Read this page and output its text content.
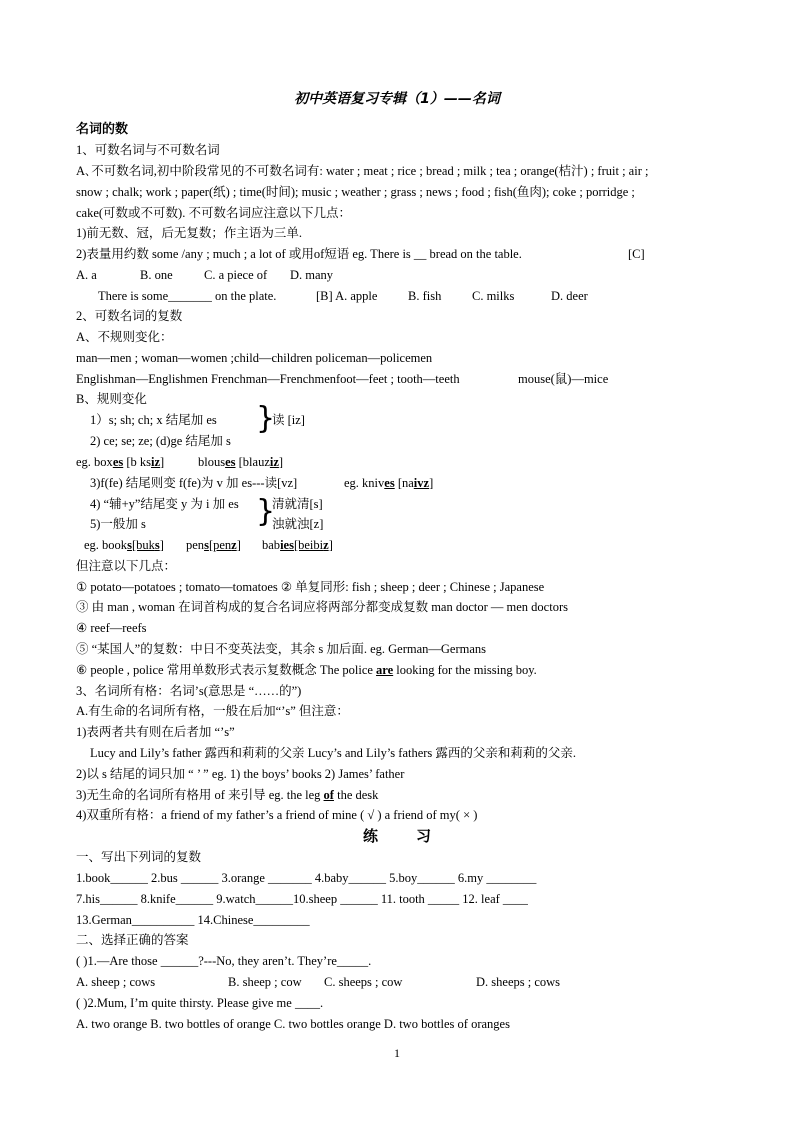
初中英语复习专辑（1）——名词
名词的数
1、可数名词与不可数名词
A､不可数名词,初中阶段常见的不可数名词有: water ; meat ; rice ; bread ; milk ; tea ; orange(桔汁) ; fruit ; air ;
snow ; chalk; work ; paper(纸) ; time(时间); music ; weather ; grass ; news ; food ; fish(鱼肉); coke ; porridge ;
cake(可数或不可数). 不可数名词应注意以下几点：
1)前无数、冠，后无复数；作主语为三单.
2)表量用约数 some /any ; much ; a lot of 或用of短语 eg. There is __ bread on the table.	[C]
A. a	B. one	C. a piece of D. many
There is some_______ on the plate.	[B] A. apple B. fish C. milks	D. deer
2、可数名词的复数
A、不规则变化：
man—men ; woman—women ;child—children policeman—policemen
Englishman—Englishmen Frenchman—Frenchmenfoot—feet ; tooth—teeth	mouse(鼠)—mice
B、规则变化
1）s; sh; ch; x 结尾加 es }
读 [iz]
2) ce; se; ze; (d)ge 结尾加 s
eg. boxes [b ksiz]	blouses [blauziz]
3)f(fe) 结尾则变 f(fe)为 v 加 es---读[vz]	eg. knives [naivz]
4) “辅+y”结尾变 y 为 i 加 es }
清就清[s]
5)一般加 s	浊就浊[z]
eg. books[buks] pens[penz] babies[beibiz]
但注意以下几点：
① potato—potatoes ; tomato—tomatoes ② 单复同形: fish ; sheep ; deer ; Chinese ; Japanese
③ 由 man , woman 在词首构成的复合名词应将两部分都变成复数 man doctor — men doctors
④ reef—reefs
⑤ “某国人”的复数：中日不变英法变，其余 s 加后面. eg. German—Germans
⑥ people , police 常用单数形式表示复数概念 The police are looking for the missing boy.
3、名词所有格：名词’s(意思是 “……的”)
A.有生命的名词所有格，一般在后加“’s” 但注意：
1)表两者共有则在后者加 “’s”
Lucy and Lily’s father 露西和莉莉的父亲 Lucy’s and Lily’s fathers 露西的父亲和莉莉的父亲.
2)以 s 结尾的词只加 “ ’ ” eg. 1) the boys’ books 2) James’ father
3)无生命的名词所有格用 of 来引导 eg. the leg of the desk
4)双重所有格：a friend of my father’s a friend of mine ( √ ) a friend of my( × )
练	习
一、写出下列词的复数
1.book______ 2.bus ______ 3.orange _______ 4.baby______ 5.boy______ 6.my ________
7.his______ 8.knife______ 9.watch______10.sheep ______ 11. tooth _____ 12. leaf ____
13.German__________ 14.Chinese_________
二、选择正确的答案
( )1.—Are those ______?---No, they aren’t. They’re_____.
A. sheep ; cows	B. sheep ; cow C. sheeps ; cow	D. sheeps ; cows
( )2.Mum, I’m quite thirsty. Please give me ____.
A. two orange B. two bottles of orange C. two bottles orange D. two bottles of oranges
1
